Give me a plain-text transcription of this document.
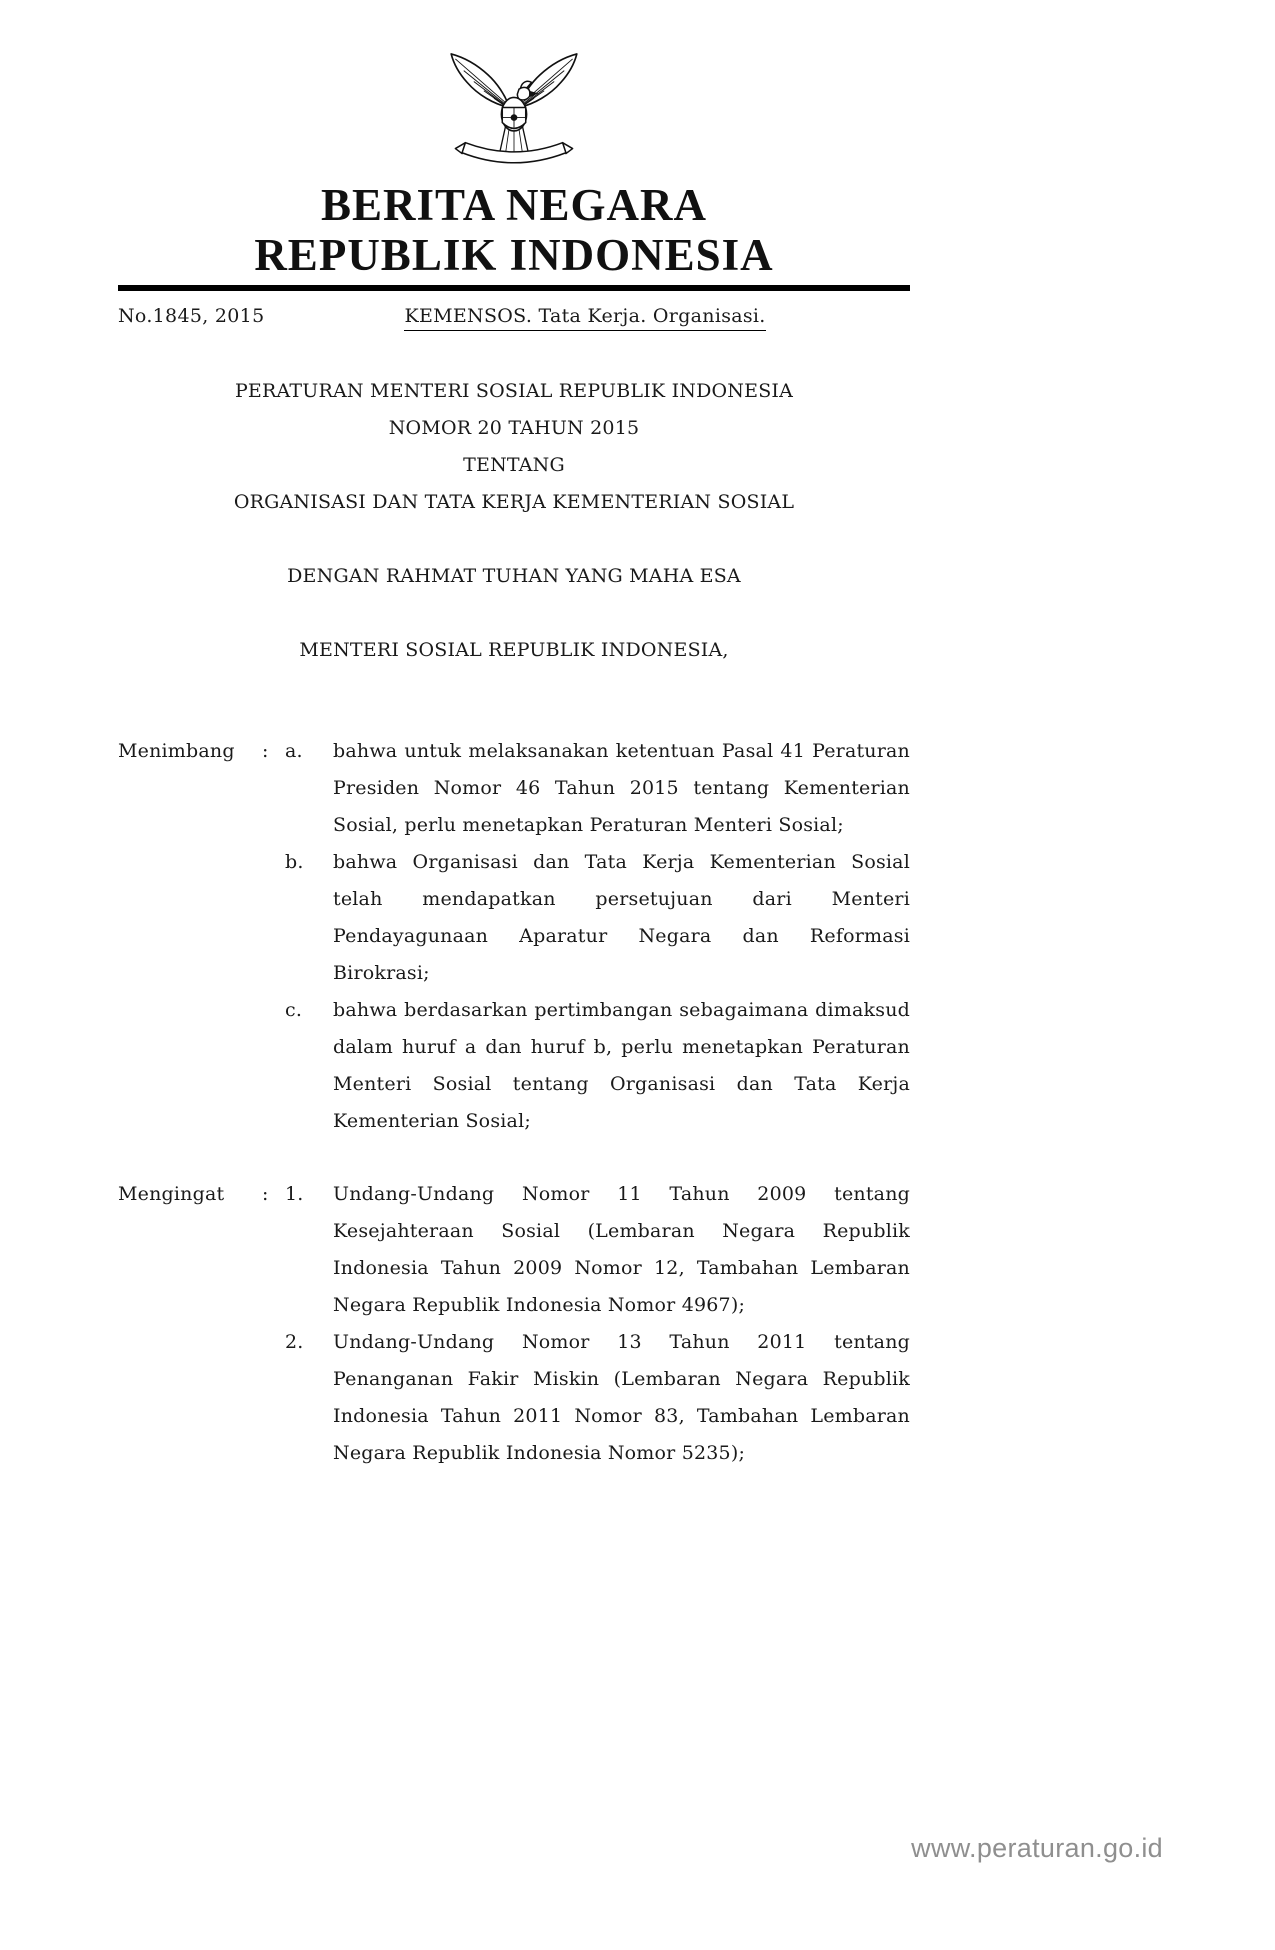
BERITA NEGARA
REPUBLIK INDONESIA
No.1845, 2015	KEMENSOS. Tata Kerja. Organisasi.

PERATURAN MENTERI SOSIAL REPUBLIK INDONESIA

NOMOR 20 TAHUN 2015

TENTANG

ORGANISASI DAN TATA KERJA KEMENTERIAN SOSIAL

DENGAN RAHMAT TUHAN YANG MAHA ESA

MENTERI SOSIAL REPUBLIK INDONESIA,

Menimbang	: a.	bahwa untuk melaksanakan ketentuan Pasal 41 Peraturan Presiden Nomor 46 Tahun 2015 tentang Kementerian Sosial, perlu menetapkan Peraturan Menteri Sosial;
b.	bahwa Organisasi dan Tata Kerja Kementerian Sosial telah mendapatkan persetujuan dari Menteri Pendayagunaan Aparatur Negara dan Reformasi Birokrasi;
c.	bahwa berdasarkan pertimbangan sebagaimana dimaksud dalam huruf a dan huruf b, perlu menetapkan Peraturan Menteri Sosial tentang Organisasi dan Tata Kerja Kementerian Sosial;
Mengingat	: 1.	Undang-Undang Nomor 11 Tahun 2009 tentang Kesejahteraan Sosial (Lembaran Negara Republik Indonesia Tahun 2009 Nomor 12, Tambahan Lembaran Negara Republik Indonesia Nomor 4967);
2.	Undang-Undang Nomor 13 Tahun 2011 tentang Penanganan Fakir Miskin (Lembaran Negara Republik Indonesia Tahun 2011 Nomor 83, Tambahan Lembaran Negara Republik Indonesia Nomor 5235);
www.peraturan.go.id
